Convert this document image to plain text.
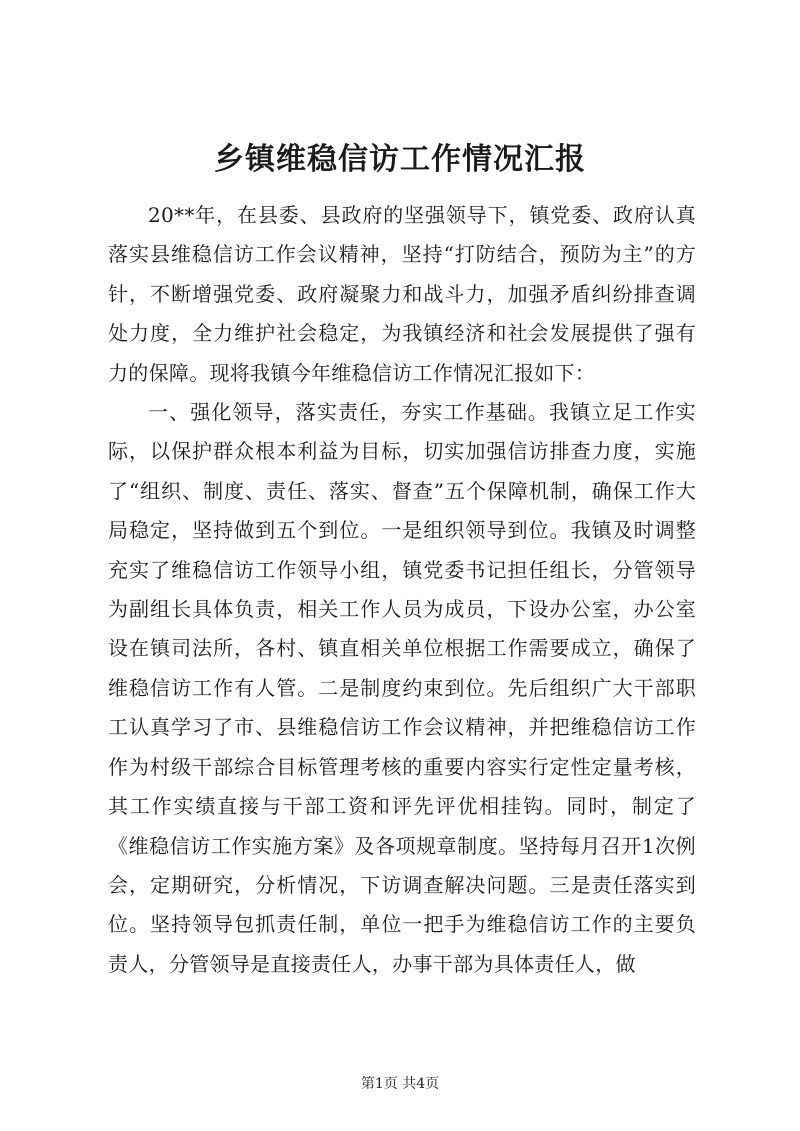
乡镇维稳信访工作情况汇报

20**年，在县委、县政府的坚强领导下，镇党委、政府认真落实县维稳信访工作会议精神，坚持“打防结合，预防为主”的方针，不断增强党委、政府凝聚力和战斗力，加强矛盾纠纷排查调处力度，全力维护社会稳定，为我镇经济和社会发展提供了强有力的保障。现将我镇今年维稳信访工作情况汇报如下：

一、强化领导，落实责任，夯实工作基础。我镇立足工作实际，以保护群众根本利益为目标，切实加强信访排查力度，实施了“组织、制度、责任、落实、督查”五个保障机制，确保工作大局稳定，坚持做到五个到位。一是组织领导到位。我镇及时调整充实了维稳信访工作领导小组，镇党委书记担任组长，分管领导为副组长具体负责，相关工作人员为成员，下设办公室，办公室设在镇司法所，各村、镇直相关单位根据工作需要成立，确保了维稳信访工作有人管。二是制度约束到位。先后组织广大干部职工认真学习了市、县维稳信访工作会议精神，并把维稳信访工作作为村级干部综合目标管理考核的重要内容实行定性定量考核，其工作实绩直接与干部工资和评先评优相挂钩。同时，制定了《维稳信访工作实施方案》及各项规章制度。坚持每月召开1次例会，定期研究，分析情况，下访调查解决问题。三是责任落实到位。坚持领导包抓责任制，单位一把手为维稳信访工作的主要负责人，分管领导是直接责任人，办事干部为具体责任人，做

第1页 共4页
